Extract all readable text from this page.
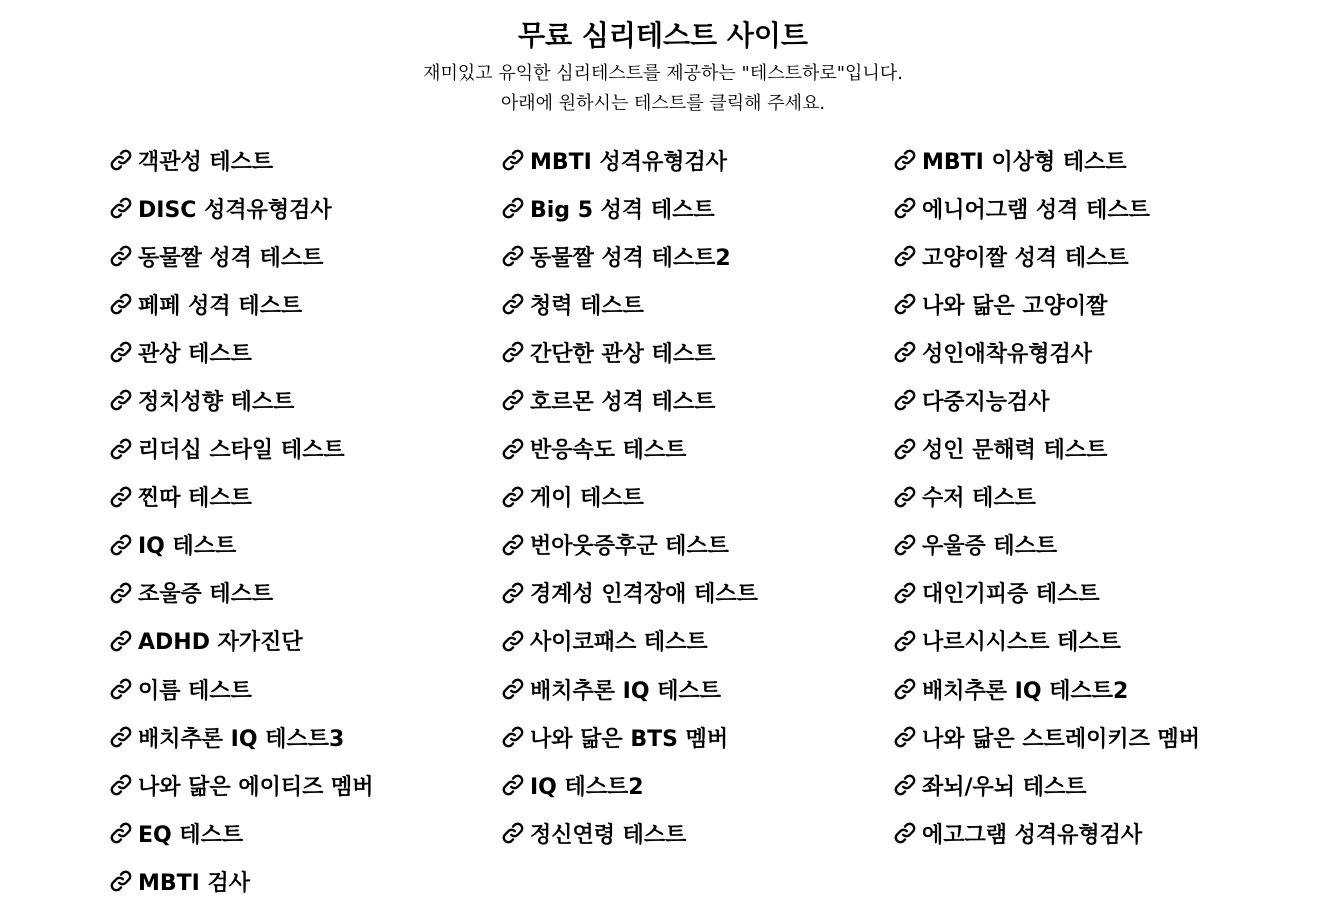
무료 심리테스트 사이트

재미있고 유익한 심리테스트를 제공하는 "테스트하로"입니다.

아래에 원하시는 테스트를 클릭해 주세요.

객관성 테스트	MBTI 성격유형검사	MBTI 이상형 테스트
DISC 성격유형검사	Big 5 성격 테스트	에니어그램 성격 테스트
동물짤 성격 테스트	동물짤 성격 테스트2	고양이짤 성격 테스트
페페 성격 테스트	청력 테스트	나와 닮은 고양이짤
관상 테스트	간단한 관상 테스트	성인애착유형검사
정치성향 테스트	호르몬 성격 테스트	다중지능검사
리더십 스타일 테스트	반응속도 테스트	성인 문해력 테스트
찐따 테스트	게이 테스트	수저 테스트
IQ 테스트	번아웃증후군 테스트	우울증 테스트
조울증 테스트	경계성 인격장애 테스트	대인기피증 테스트
ADHD 자가진단	사이코패스 테스트	나르시시스트 테스트
이름 테스트	배치추론 IQ 테스트	배치추론 IQ 테스트2
배치추론 IQ 테스트3	나와 닮은 BTS 멤버	나와 닮은 스트레이키즈 멤버
나와 닮은 에이티즈 멤버	IQ 테스트2	좌뇌/우뇌 테스트
EQ 테스트	정신연령 테스트	에고그램 성격유형검사
MBTI 검사
